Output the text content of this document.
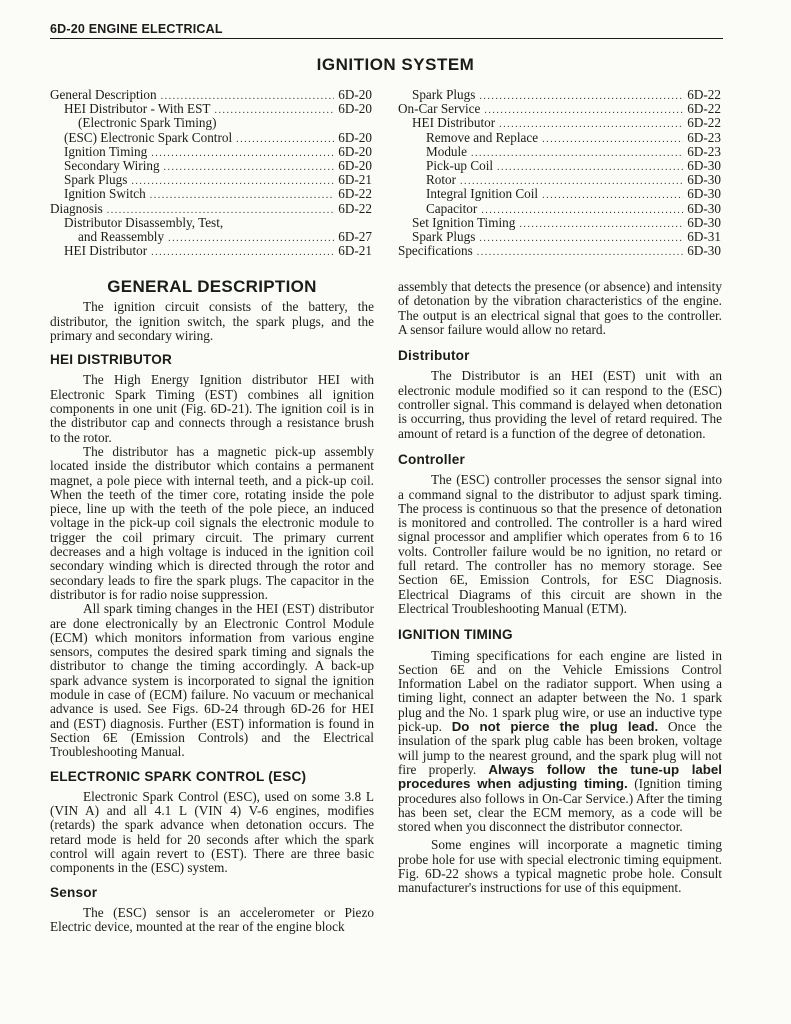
6D-20 ENGINE ELECTRICAL
IGNITION SYSTEM
General Description .....	6D-20
HEI Distributor - With EST .....	6D-20
(Electronic Spark Timing)
(ESC) Electronic Spark Control .....	6D-20
Ignition Timing .....	6D-20
Secondary Wiring .....	6D-20
Spark Plugs .....	6D-21
Ignition Switch .....	6D-22
Diagnosis .....	6D-22
Distributor Disassembly, Test,
and Reassembly .....	6D-27
HEI Distributor .....	6D-21
Spark Plugs .....	6D-22
On-Car Service .....	6D-22
HEI Distributor .....	6D-22
Remove and Replace .....	6D-23
Module .....	6D-23
Pick-up Coil .....	6D-30
Rotor .....	6D-30
Integral Ignition Coil .....	6D-30
Capacitor .....	6D-30
Set Ignition Timing .....	6D-30
Spark Plugs .....	6D-31
Specifications .....	6D-30
GENERAL DESCRIPTION

The ignition circuit consists of the battery, the distributor, the ignition switch, the spark plugs, and the primary and secondary wiring.

HEI DISTRIBUTOR

The High Energy Ignition distributor HEI with Electronic Spark Timing (EST) combines all ignition components in one unit (Fig. 6D-21). The ignition coil is in the distributor cap and connects through a resistance brush to the rotor.

The distributor has a magnetic pick-up assembly located inside the distributor which contains a permanent magnet, a pole piece with internal teeth, and a pick-up coil. When the teeth of the timer core, rotating inside the pole piece, line up with the teeth of the pole piece, an induced voltage in the pick-up coil signals the electronic module to trigger the coil primary circuit. The primary current decreases and a high voltage is induced in the ignition coil secondary winding which is directed through the rotor and secondary leads to fire the spark plugs. The capacitor in the distributor is for radio noise suppression.

All spark timing changes in the HEI (EST) distributor are done electronically by an Electronic Control Module (ECM) which monitors information from various engine sensors, computes the desired spark timing and signals the distributor to change the timing accordingly. A back-up spark advance system is incorporated to signal the ignition module in case of (ECM) failure. No vacuum or mechanical advance is used. See Figs. 6D-24 through 6D-26 for HEI and (EST) diagnosis. Further (EST) information is found in Section 6E (Emission Controls) and the Electrical Troubleshooting Manual.

ELECTRONIC SPARK CONTROL (ESC)

Electronic Spark Control (ESC), used on some 3.8 L (VIN A) and all 4.1 L (VIN 4) V-6 engines, modifies (retards) the spark advance when detonation occurs. The retard mode is held for 20 seconds after which the spark control will again revert to (EST). There are three basic components in the (ESC) system.

Sensor

The (ESC) sensor is an accelerometer or Piezo Electric device, mounted at the rear of the engine block

assembly that detects the presence (or absence) and intensity of detonation by the vibration characteristics of the engine. The output is an electrical signal that goes to the controller. A sensor failure would allow no retard.

Distributor

The Distributor is an HEI (EST) unit with an electronic module modified so it can respond to the (ESC) controller signal. This command is delayed when detonation is occurring, thus providing the level of retard required. The amount of retard is a function of the degree of detonation.

Controller

The (ESC) controller processes the sensor signal into a command signal to the distributor to adjust spark timing. The process is continuous so that the presence of detonation is monitored and controlled. The controller is a hard wired signal processor and amplifier which operates from 6 to 16 volts. Controller failure would be no ignition, no retard or full retard. The controller has no memory storage. See Section 6E, Emission Controls, for ESC Diagnosis. Electrical Diagrams of this circuit are shown in the Electrical Troubleshooting Manual (ETM).

IGNITION TIMING

Timing specifications for each engine are listed in Section 6E and on the Vehicle Emissions Control Information Label on the radiator support. When using a timing light, connect an adapter between the No. 1 spark plug and the No. 1 spark plug wire, or use an inductive type pick-up. Do not pierce the plug lead. Once the insulation of the spark plug cable has been broken, voltage will jump to the nearest ground, and the spark plug will not fire properly. Always follow the tune-up label procedures when adjusting timing. (Ignition timing procedures also follows in On-Car Service.) After the timing has been set, clear the ECM memory, as a code will be stored when you disconnect the distributor connector.

Some engines will incorporate a magnetic timing probe hole for use with special electronic timing equipment. Fig. 6D-22 shows a typical magnetic probe hole. Consult manufacturer's instructions for use of this equipment.
